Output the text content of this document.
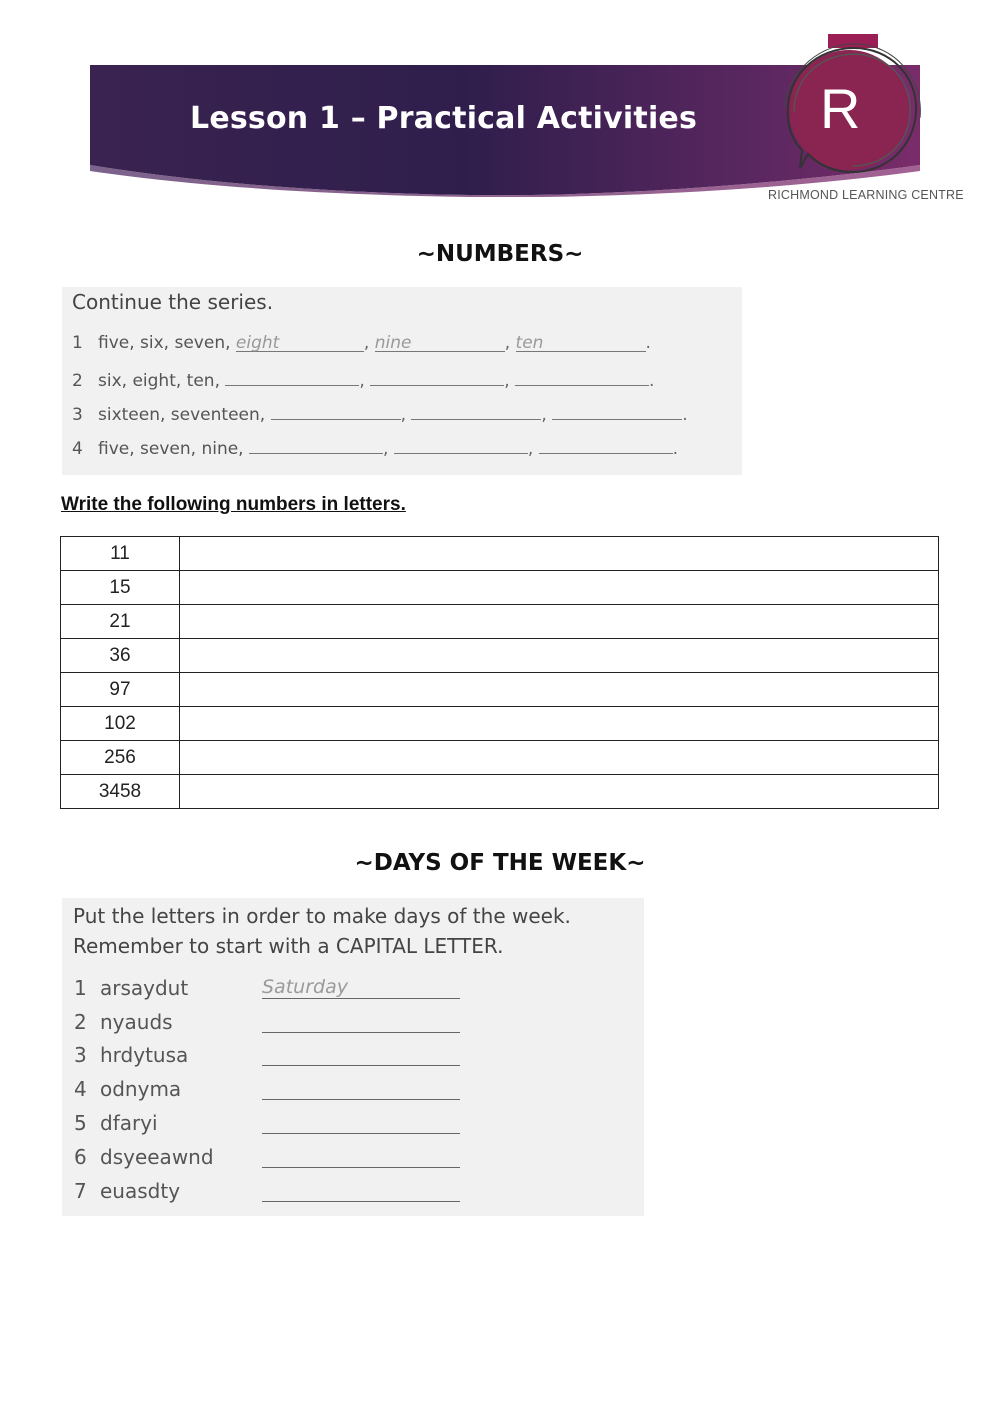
Lesson 1 – Practical Activities R
RICHMOND LEARNING CENTRE
~NUMBERS~
Continue the series.
1 five, six, seven, eight	, nine	, ten	.
2 six, eight, ten,	,	,	.
3 sixteen, seventeen,	,	,	.
4 five, seven, nine,	,	,	.
Write the following numbers in letters.
11	
15	
21	
36	
97	
102	
256	
3458	
~DAYS OF THE WEEK~
Put the letters in order to make days of the week.
Remember to start with a CAPITAL LETTER.
1 arsaydut	Saturday
2 nyauds
3 hrdytusa
4 odnyma
5 dfaryi
6 dsyeeawnd
7 euasdty
